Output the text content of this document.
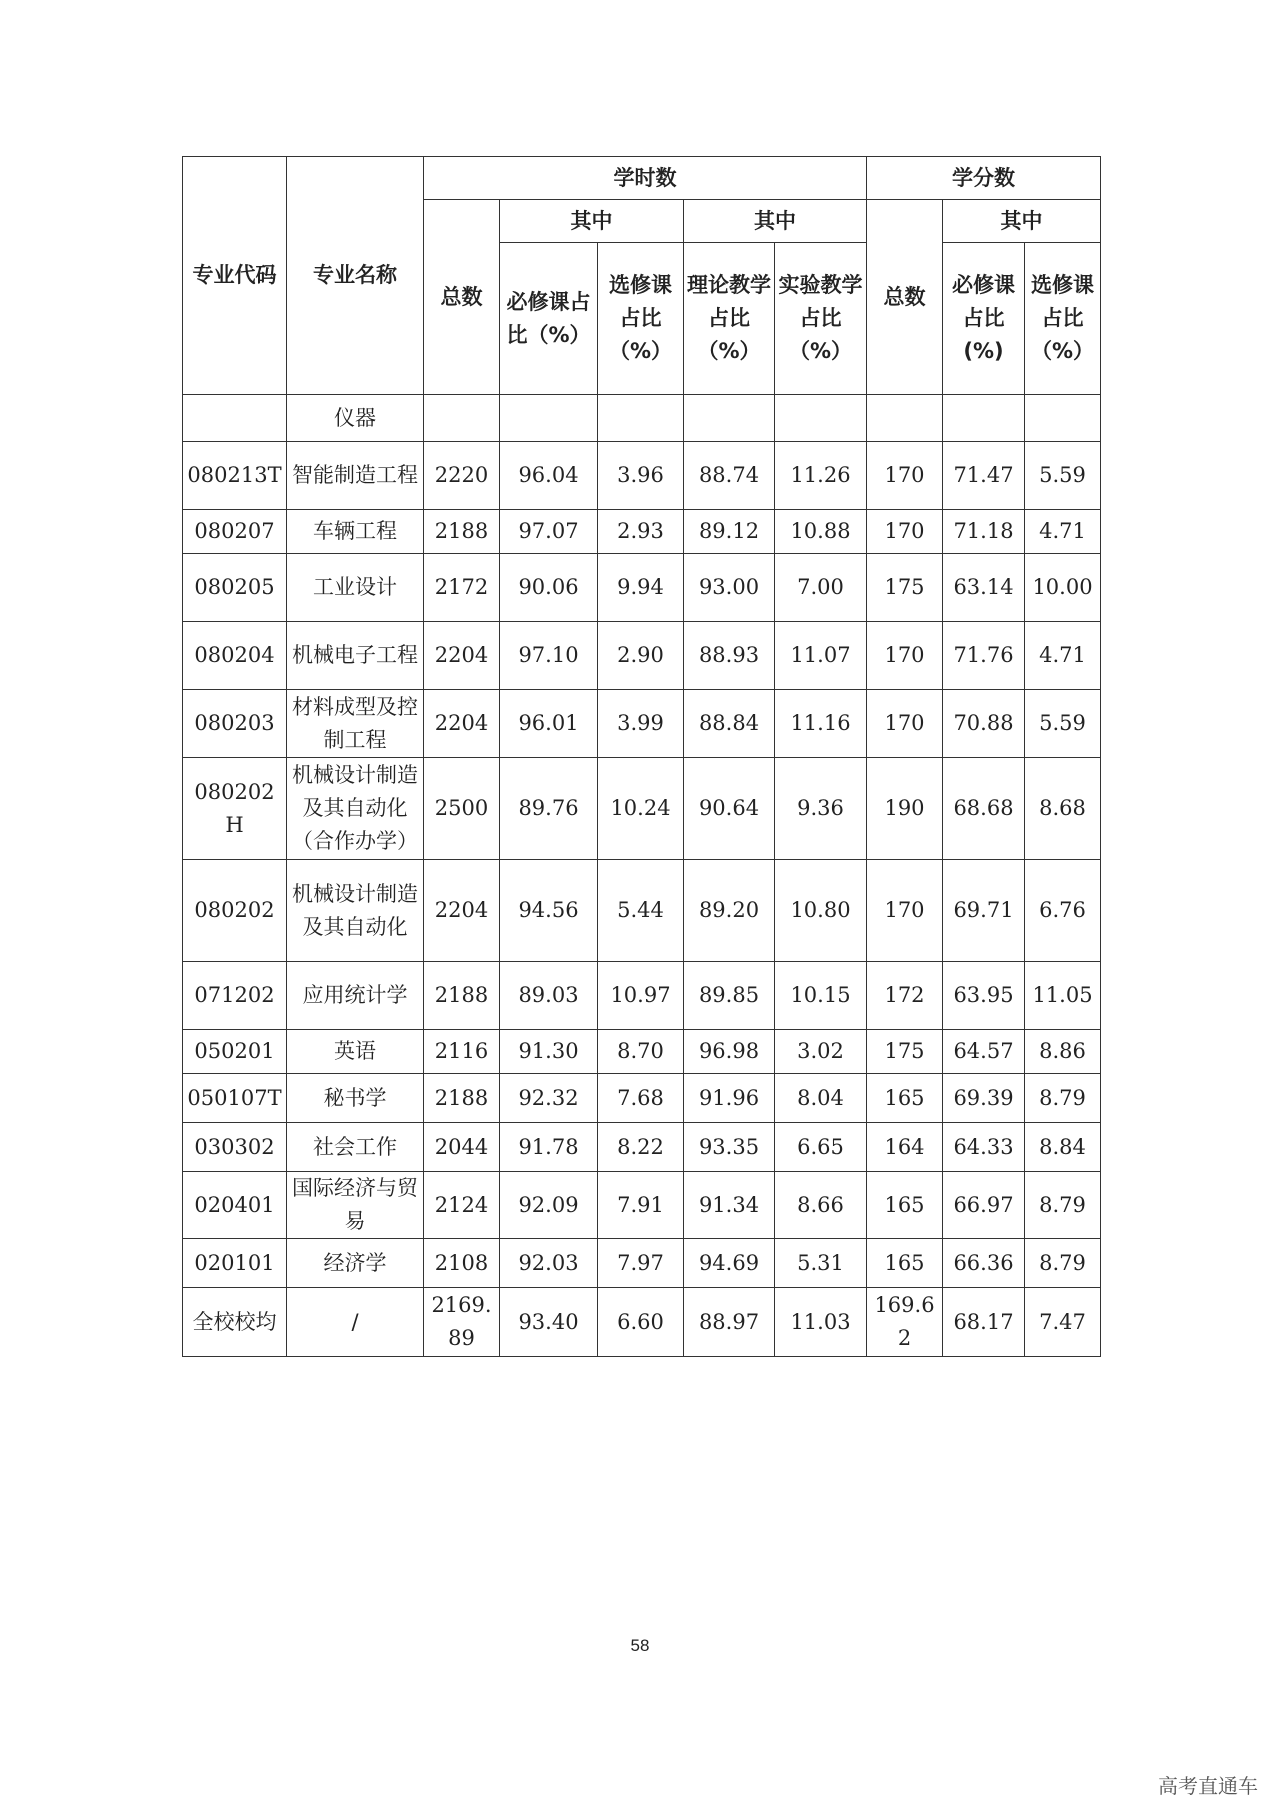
专业代码	专业名称	学时数					学分数		
		总数	其中		其中		总数	其中	
			必修课占比（%）	选修课占比（%）	理论教学占比（%）	实验教学占比（%）		必修课占比(%)	选修课占比（%）
	仪器								
080213T	智能制造工程	2220	96.04	3.96	88.74	11.26	170	71.47	5.59
080207	车辆工程	2188	97.07	2.93	89.12	10.88	170	71.18	4.71
080205	工业设计	2172	90.06	9.94	93.00	7.00	175	63.14	10.00
080204	机械电子工程	2204	97.10	2.90	88.93	11.07	170	71.76	4.71
080203	材料成型及控制工程	2204	96.01	3.99	88.84	11.16	170	70.88	5.59
080202H	机械设计制造及其自动化（合作办学）	2500	89.76	10.24	90.64	9.36	190	68.68	8.68
080202	机械设计制造及其自动化	2204	94.56	5.44	89.20	10.80	170	69.71	6.76
071202	应用统计学	2188	89.03	10.97	89.85	10.15	172	63.95	11.05
050201	英语	2116	91.30	8.70	96.98	3.02	175	64.57	8.86
050107T	秘书学	2188	92.32	7.68	91.96	8.04	165	69.39	8.79
030302	社会工作	2044	91.78	8.22	93.35	6.65	164	64.33	8.84
020401	国际经济与贸易	2124	92.09	7.91	91.34	8.66	165	66.97	8.79
020101	经济学	2108	92.03	7.97	94.69	5.31	165	66.36	8.79
全校校均	/	2169.89	93.40	6.60	88.97	11.03	169.62	68.17	7.47
58
高考直通车
